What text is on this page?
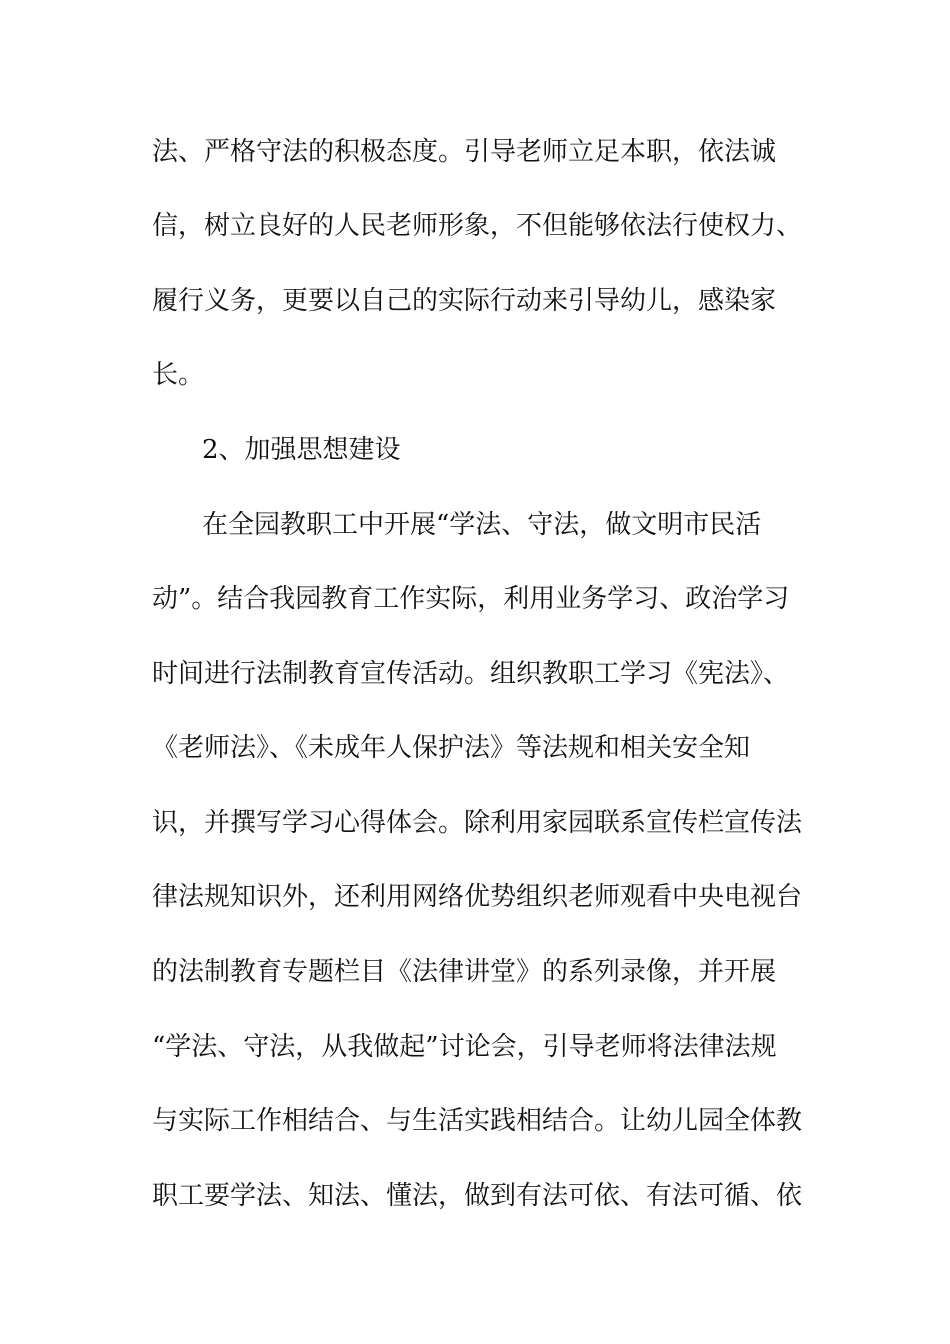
法、严格守法的积极态度。引导老师立足本职，依法诚
信，树立良好的人民老师形象，不但能够依法行使权力、
履行义务，更要以自己的实际行动来引导幼儿，感染家
长。
2、加强思想建设
在全园教职工中开展“学法、守法，做文明市民活
动”。结合我园教育工作实际，利用业务学习、政治学习
时间进行法制教育宣传活动。组织教职工学习《宪法》、
《老师法》、《未成年人保护法》等法规和相关安全知
识，并撰写学习心得体会。除利用家园联系宣传栏宣传法
律法规知识外，还利用网络优势组织老师观看中央电视台
的法制教育专题栏目《法律讲堂》的系列录像，并开展
“学法、守法，从我做起”讨论会，引导老师将法律法规
与实际工作相结合、与生活实践相结合。让幼儿园全体教
职工要学法、知法、懂法，做到有法可依、有法可循、依
